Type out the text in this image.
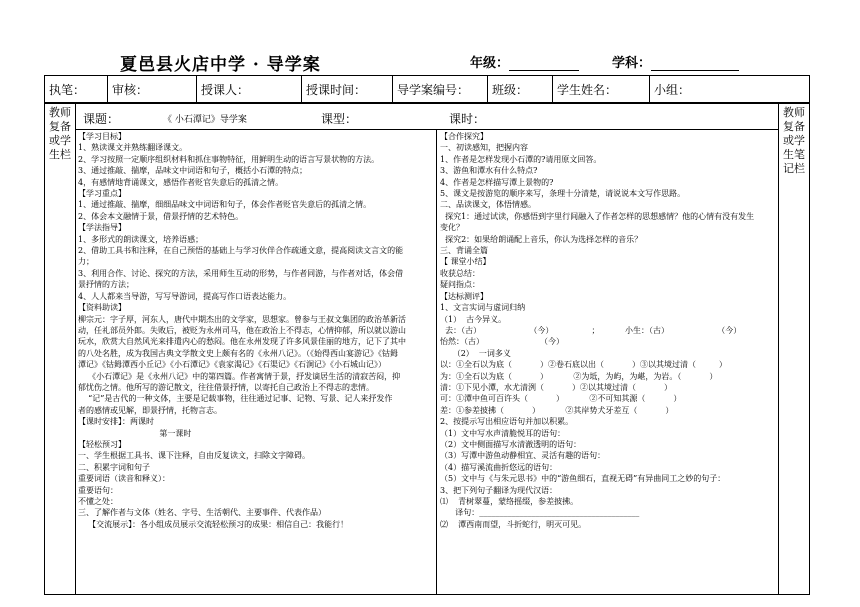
夏邑县火店中学 · 导学案	年级：	学科：
执笔：	审核：	授课人：	授课时间：	导学案编号：	班级：	学生姓名：	小组：
教师复备或学生栏
教师复备或学生笔记栏
课题：	《 小石潭记》导学案	课型：	课时：
【学习目标】
1、熟读课文并熟练翻译课文。
2、学习按照一定顺序组织材料和抓住事物特征，用鲜明生动的语言写景状物的方法。
3、通过推敲、揣摩，品味文中词语和句子，概括小石潭的特点；
4，有感情地背诵课文，感悟作者贬官失意后的孤清之情。
【学习重点】
1、通过推敲、揣摩，细细品味文中词语和句子，体会作者贬官失意后的孤清之情。
2、体会本文融情于景，借景抒情的艺术特色。
【学法指导】
1、多形式的朗读课文，培养语感；
2、借助工具书和注释，在自己预悟的基础上与学习伙伴合作疏通文意，提高阅读文言文的能
力；
3、利用合作、讨论、探究的方法，采用师生互动的形势，与作者同游，与作者对话，体会借
景抒情的方法；
4、人人都来当导游，写写导游词，提高写作口语表达能力。
【资料助读】
柳宗元：字子厚，河东人，唐代中期杰出的文学家，思想家。曾参与王叔文集团的政治革新活
动，任礼部员外郎。失败后，被贬为永州司马，他在政治上不得志，心情抑郁，所以就以游山
玩水，欣赏大自然风光来排遣内心的愁闷。他在永州发现了许多风景佳丽的地方，记下了其中
的八处名胜，成为我国古典文学散文史上颇有名的《永州八记》。（《始得西山宴游记》《钴鉧
潭记》《钴鉧潭西小丘记》《小石潭记》《袁家渴记》《石渠记》《石涧记》《小石城山记》）
《小石潭记》是《永州八记》中的第四篇。作者寓情于景，抒发谪居生活的清寂苦闷，抑
郁忧伤之情。他所写的游记散文，往往借景抒情，以寄托自己政治上不得志的悲情。
“记”是古代的一种文体，主要是记载事物，往往通过记事、记物、写景、记人来抒发作
者的感情或见解，即景抒情，托物言志。
【课时安排】：两课时
第一课时
【轻松预习】
一、学生根据工具书、课下注释，自由反复读文，扫除文字障碍。
二、积累字词和句子
重要词语（读音和释义）：
重要语句：
不懂之处：
三、了解作者与文体（姓名、字号、生活朝代、主要事件、代表作品）
【交流展示】：各小组成员展示交流轻松预习的成果：相信自己：我能行！
【合作探究】
一、初读感知，把握内容
1、作者是怎样发现小石潭的?请用原文回答。
3、游鱼和潭水有什么特点?
4、作者是怎样描写潭上景物的?
5、课文是按游览的顺序来写，条理十分清楚，请说说本文写作思路。
二、品读课文，体悟情感。
探究1：通过试读，你感悟到字里行间融入了作者怎样的思想感情？他的心情有没有发生
变化？
探究2：如果给朗诵配上音乐，你认为选择怎样的音乐？
三、背诵全篇
【 课堂小结】
收获总结：
疑问指点：
【达标测评】
1、文言实词与虚词归纳
（1）  古今异义。
去：（古）                   （今）               ；          小生：（古）                   （今）
怡然：（古）                      （今）
（2）  一词多义
以：①全石以为底（           ）②卷石底以出（           ）③以其境过清（         ）
为：①全石以为底（           ）          ②为坻，为屿，为嵁，为岩。（           ）
清：①下见小潭，水尤清洌（           ）②以其境过清（           ）
可：①潭中鱼可百许头（           ）          ②不可知其源（           ）
差：①参差披拂（           ）          ②其岸势犬牙差互（           ）
2、按提示写出相应语句并加以积累。
（1）文中写水声清脆悦耳的语句：
（2）文中侧面描写水清澈透明的语句：
（3）写潭中游鱼动静相宜、灵活有趣的语句：
（4）描写溪流曲折悠远的语句：
（5）文中与《与朱元思书》中的“游鱼细石，直视无碍”有异曲同工之妙的句子：
3、把下列句子翻译为现代汉语：
⑴    青树翠蔓，蒙络摇缀，参差披拂。
译句：________________________________________
⑵    潭西南而望，斗折蛇行，明灭可见。
